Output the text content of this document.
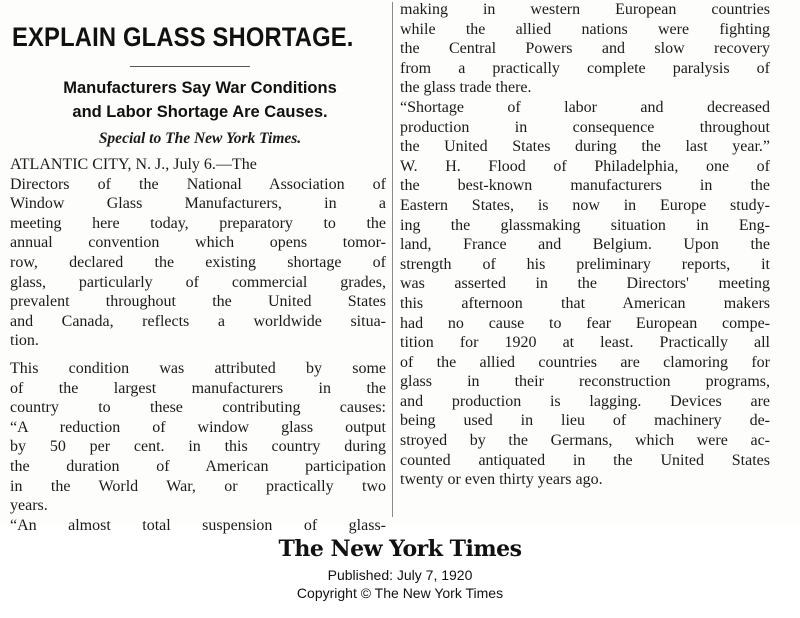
EXPLAIN GLASS SHORTAGE.
Manufacturers Say War Conditions
and Labor Shortage Are Causes.
Special to The New York Times.
ATLANTIC CITY, N. J., July 6.—The
Directors of the National Association of
Window Glass Manufacturers, in a
meeting here today, preparatory to the
annual convention which opens tomor-
row, declared the existing shortage of
glass, particularly of commercial grades,
prevalent throughout the United States
and Canada, reflects a worldwide situa-
tion.
This condition was attributed by some
of the largest manufacturers in the
country to these contributing causes:
“A reduction of window glass output
by 50 per cent. in this country during
the duration of American participation
in the World War, or practically two
years.
“An almost total suspension of glass-
making in western European countries
while the allied nations were fighting
the Central Powers and slow recovery
from a practically complete paralysis of
the glass trade there.
“Shortage of labor and decreased
production in consequence throughout
the United States during the last year.”
W. H. Flood of Philadelphia, one of
the best-known manufacturers in the
Eastern States, is now in Europe study-
ing the glassmaking situation in Eng-
land, France and Belgium. Upon the
strength of his preliminary reports, it
was asserted in the Directors' meeting
this afternoon that American makers
had no cause to fear European compe-
tition for 1920 at least. Practically all
of the allied countries are clamoring for
glass in their reconstruction programs,
and production is lagging. Devices are
being used in lieu of machinery de-
stroyed by the Germans, which were ac-
counted antiquated in the United States
twenty or even thirty years ago.
The New York Times
Published: July 7, 1920
Copyright © The New York Times
